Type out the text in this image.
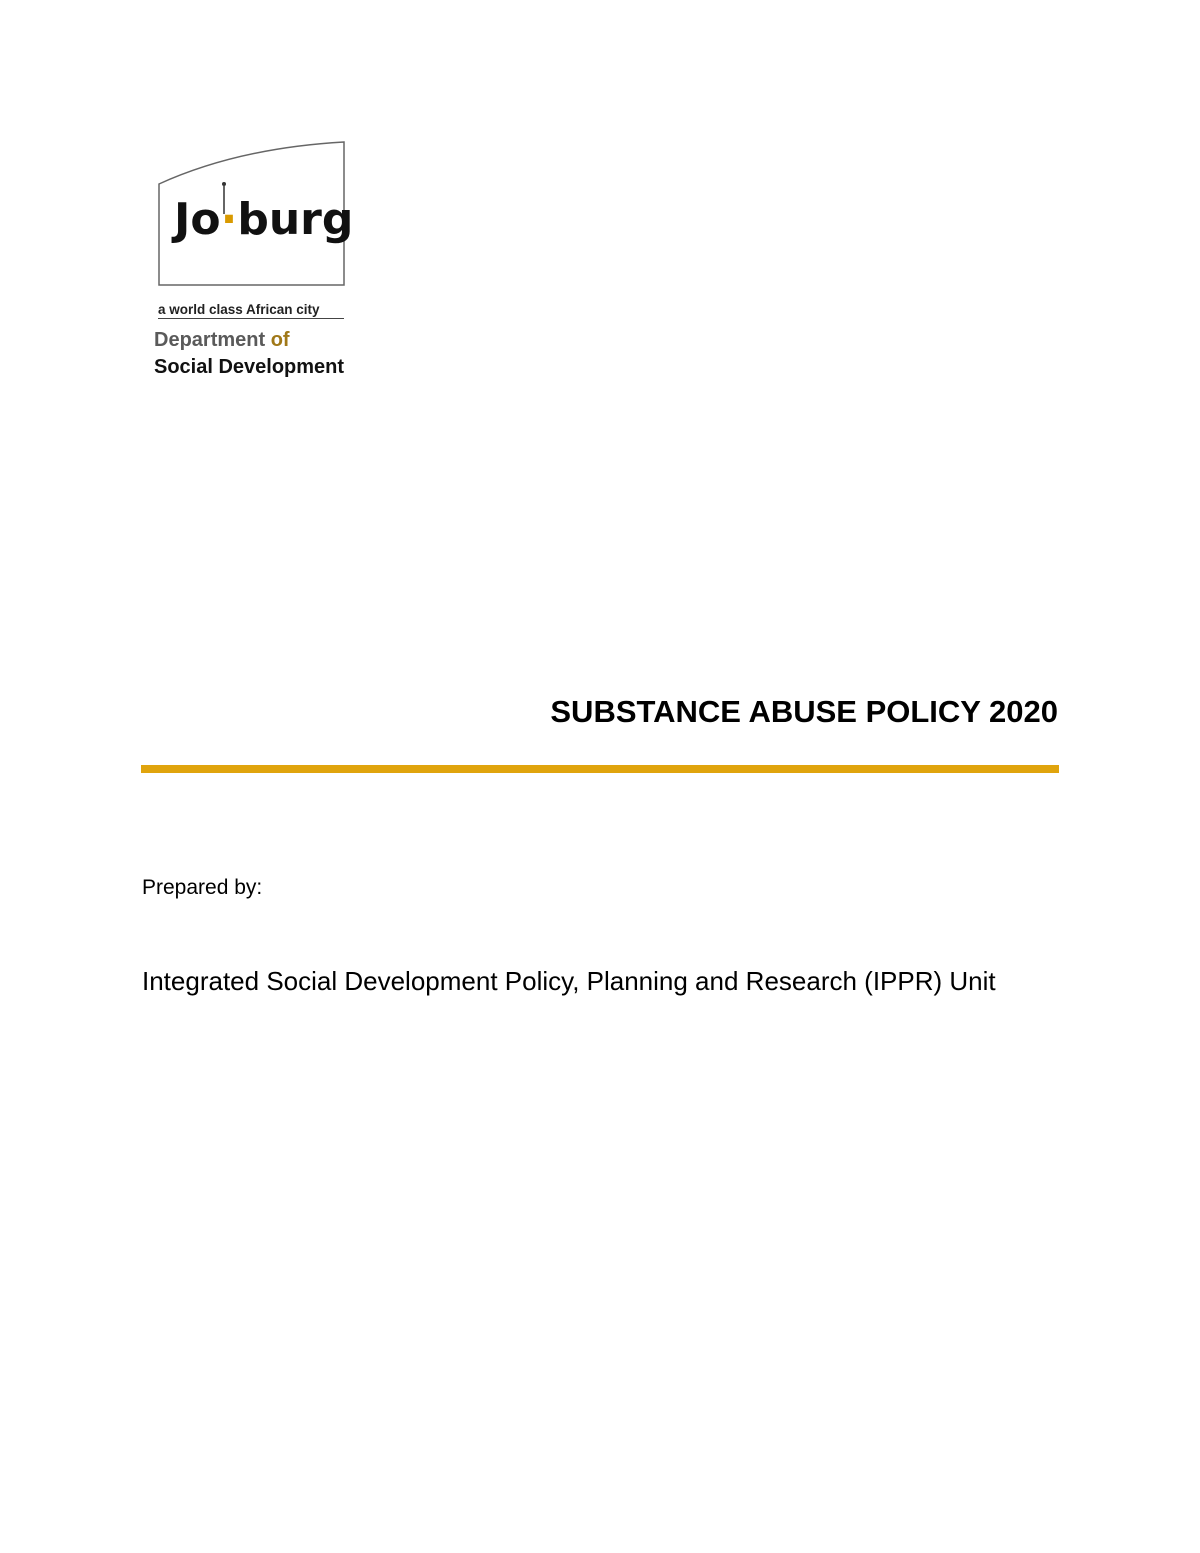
Jo·burg
a world class African city
Department of
Social Development
SUBSTANCE ABUSE POLICY 2020
Prepared by:
Integrated Social Development Policy, Planning and Research (IPPR) Unit
